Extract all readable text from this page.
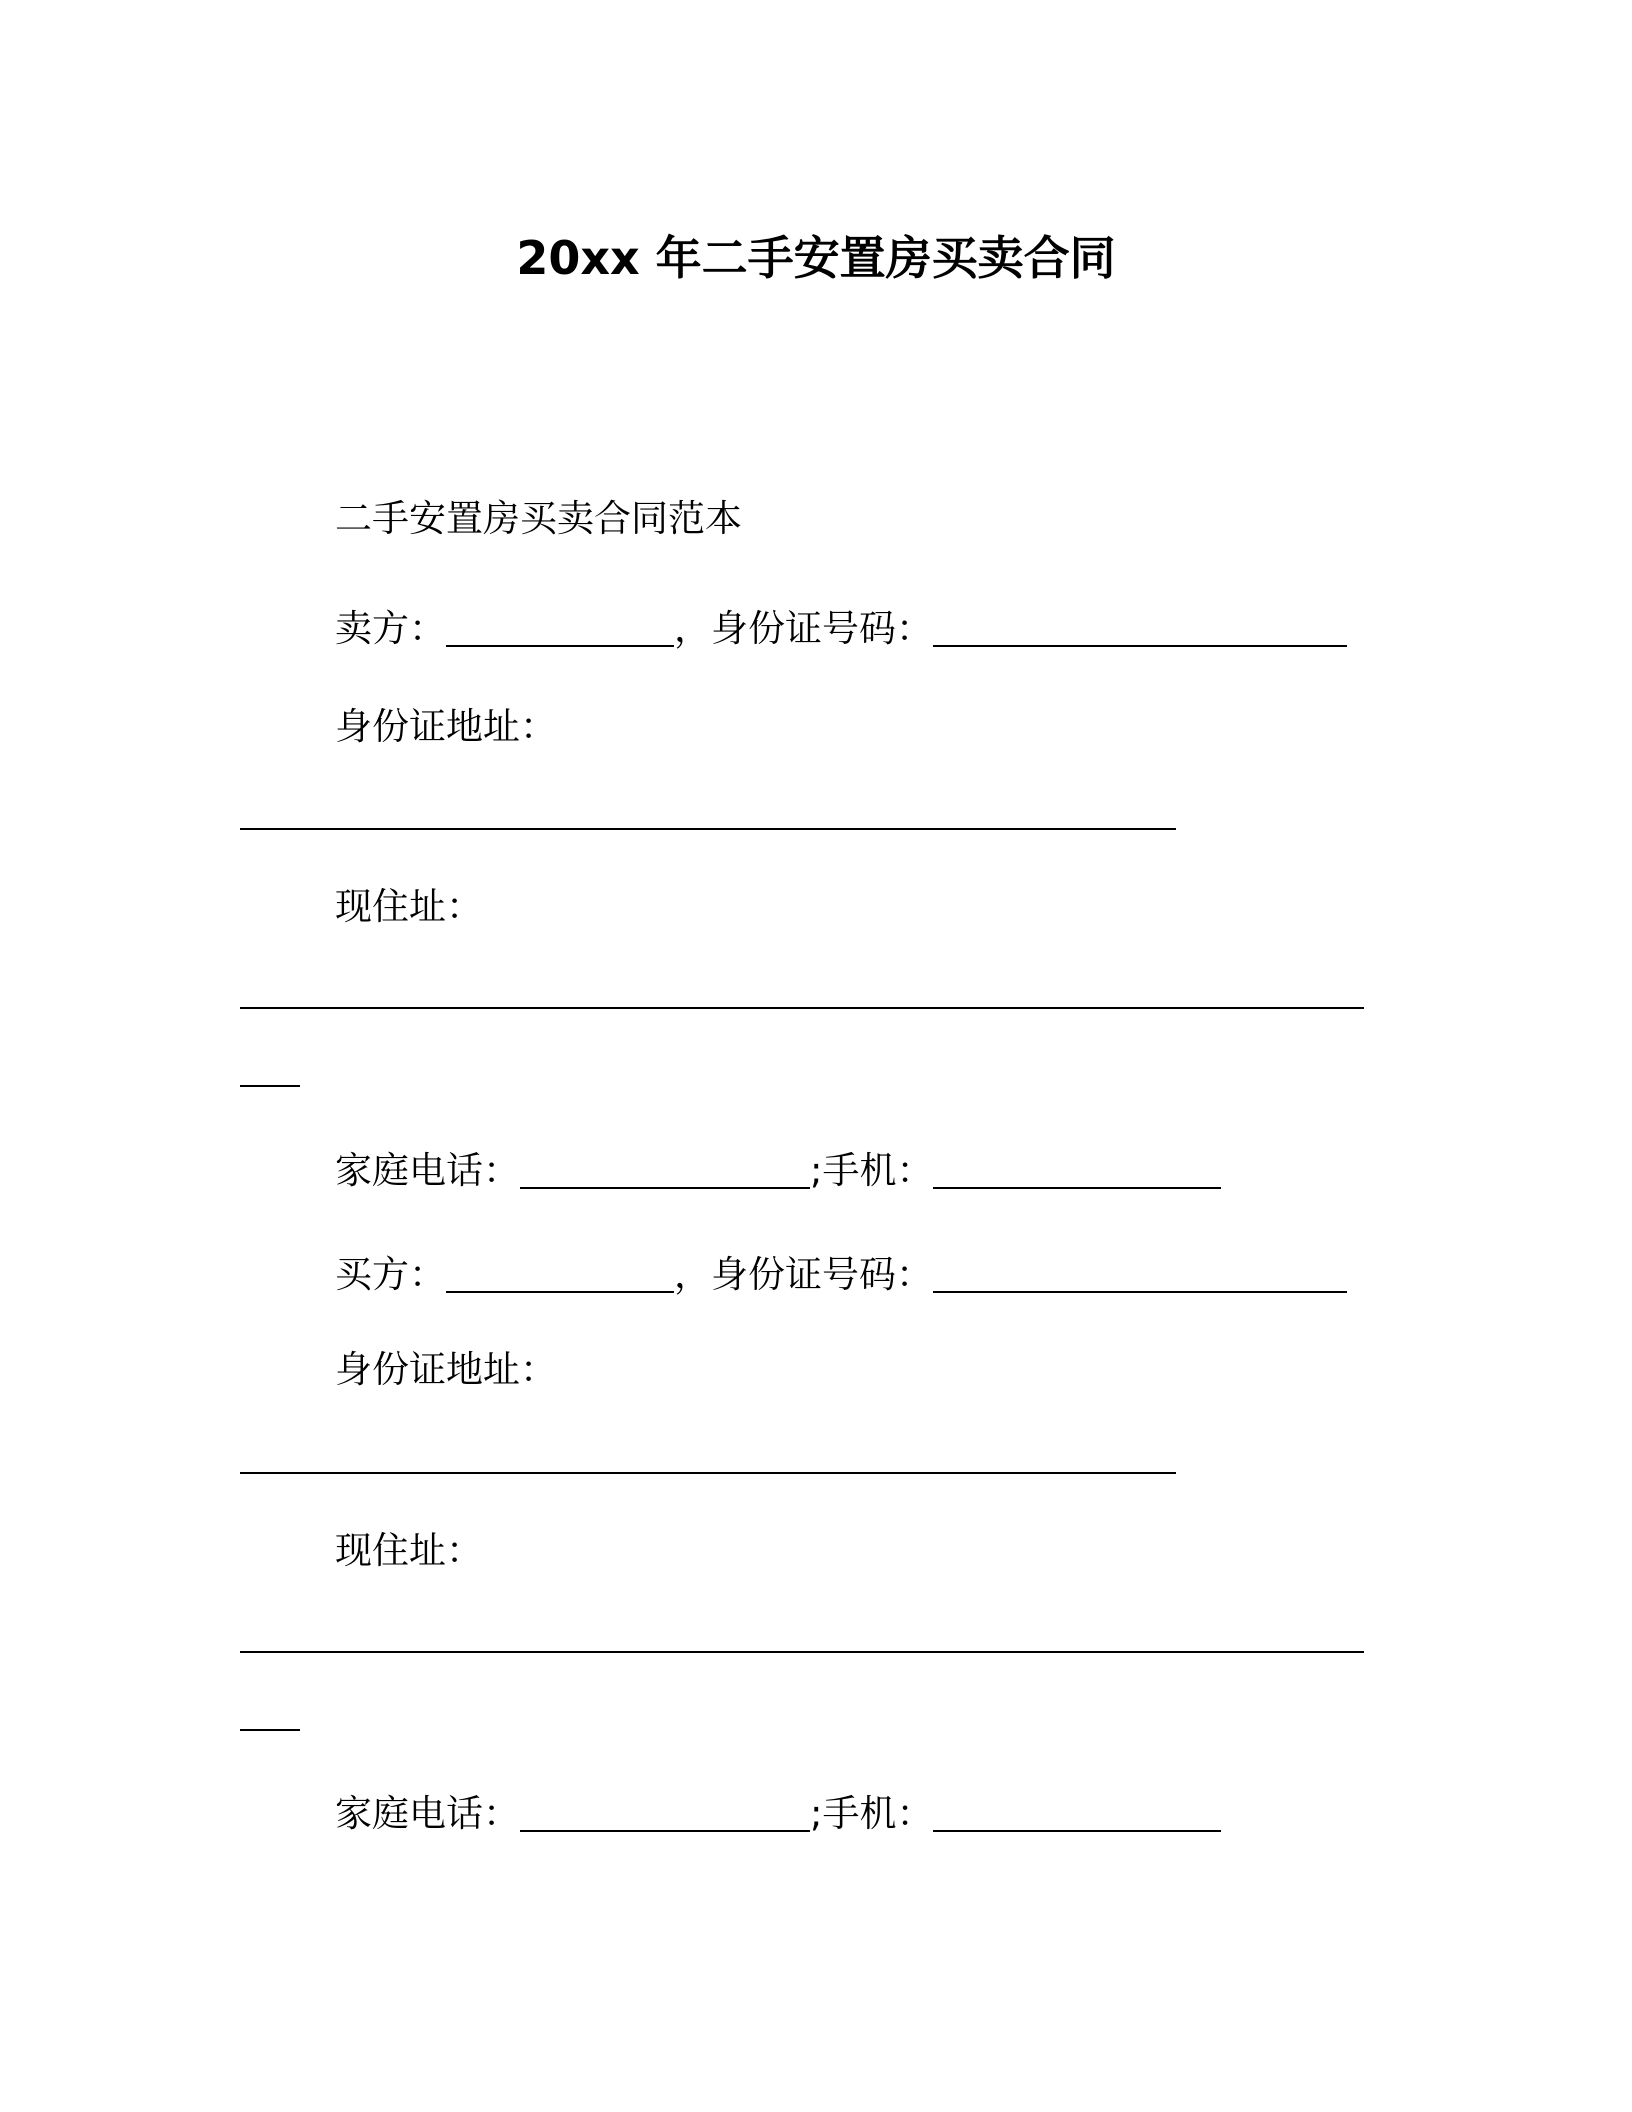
20xx 年二手安置房买卖合同
二手安置房买卖合同范本
卖方：	，身份证号码：
身份证地址：
现住址：
家庭电话：	;手机：
买方：	，身份证号码：
身份证地址：
现住址：
家庭电话：	;手机：
